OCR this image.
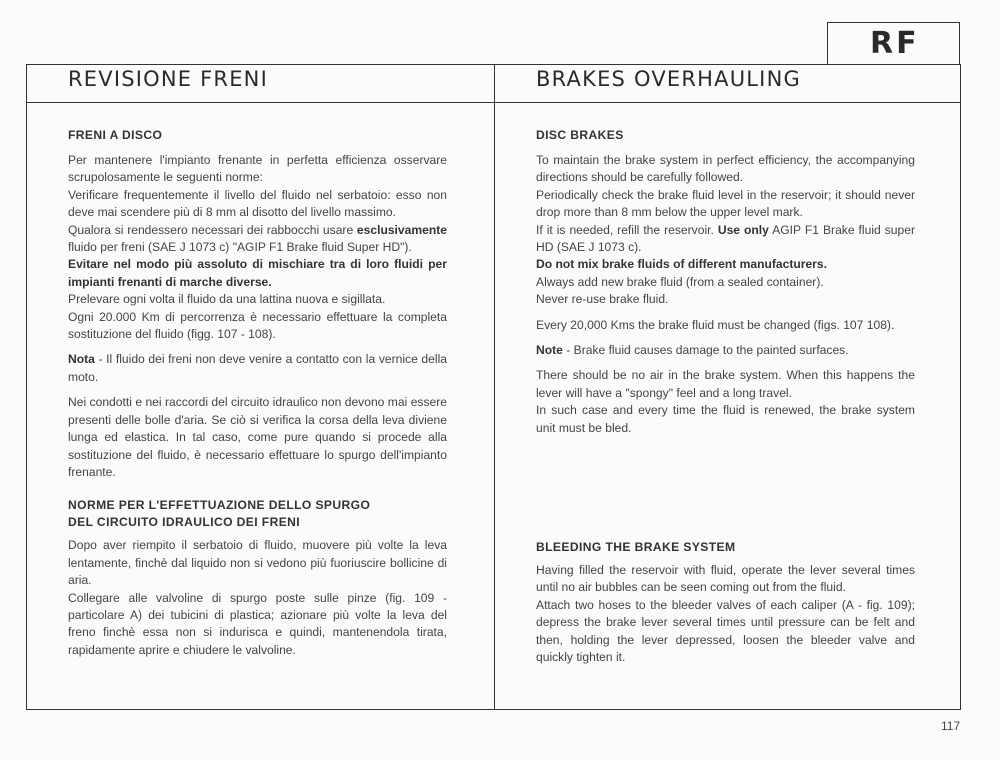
RF
REVISIONE FRENI	BRAKES OVERHAULING
FRENI A DISCO

Per mantenere l'impianto frenante in perfetta efficienza osservare scrupolosamente le seguenti norme:

Verificare frequentemente il livello del fluido nel serbatoio: esso non deve mai scendere più di 8 mm al disotto del livello massimo.

Qualora si rendessero necessari dei rabbocchi usare esclusivamente fluido per freni (SAE J 1073 c) "AGIP F1 Brake fluid Super HD").

Evitare nel modo più assoluto di mischiare tra di loro fluidi per impianti frenanti di marche diverse.

Prelevare ogni volta il fluido da una lattina nuova e sigillata.

Ogni 20.000 Km di percorrenza è necessario effettuare la completa sostituzione del fluido (figg. 107 - 108).

Nota - Il fluido dei freni non deve venire a contatto con la vernice della moto.

Nei condotti e nei raccordi del circuito idraulico non devono mai essere presenti delle bolle d'aria. Se ciò si verifica la corsa della leva diviene lunga ed elastica. In tal caso, come pure quando si procede alla sostituzione del fluido, è necessario effettuare lo spurgo dell'impianto frenante.

NORME PER L'EFFETTUAZIONE DELLO SPURGO
DEL CIRCUITO IDRAULICO DEI FRENI

Dopo aver riempito il serbatoio di fluido, muovere più volte la leva lentamente, finchè dal liquido non si vedono più fuoriuscire bollicine di aria.

Collegare alle valvoline di spurgo poste sulle pinze (fig. 109 - particolare A) dei tubicini di plastica; azionare più volte la leva del freno finchè essa non si indurisca e quindi, mantenendola tirata, rapidamente aprire e chiudere le valvoline.

DISC BRAKES

To maintain the brake system in perfect efficiency, the accompanying directions should be carefully followed.

Periodically check the brake fluid level in the reservoir; it should never drop more than 8 mm below the upper level mark.

If it is needed, refill the reservoir. Use only AGIP F1 Brake fluid super HD (SAE J 1073 c).

Do not mix brake fluids of different manufacturers.

Always add new brake fluid (from a sealed container).

Never re-use brake fluid.

Every 20,000 Kms the brake fluid must be changed (figs. 107 108).

Note - Brake fluid causes damage to the painted surfaces.

There should be no air in the brake system. When this happens the lever will have a "spongy" feel and a long travel.

In such case and every time the fluid is renewed, the brake system unit must be bled.

BLEEDING THE BRAKE SYSTEM

Having filled the reservoir with fluid, operate the lever several times until no air bubbles can be seen coming out from the fluid.

Attach two hoses to the bleeder valves of each caliper (A - fig. 109); depress the brake lever several times until pressure can be felt and then, holding the lever depressed, loosen the bleeder valve and quickly tighten it.

117
